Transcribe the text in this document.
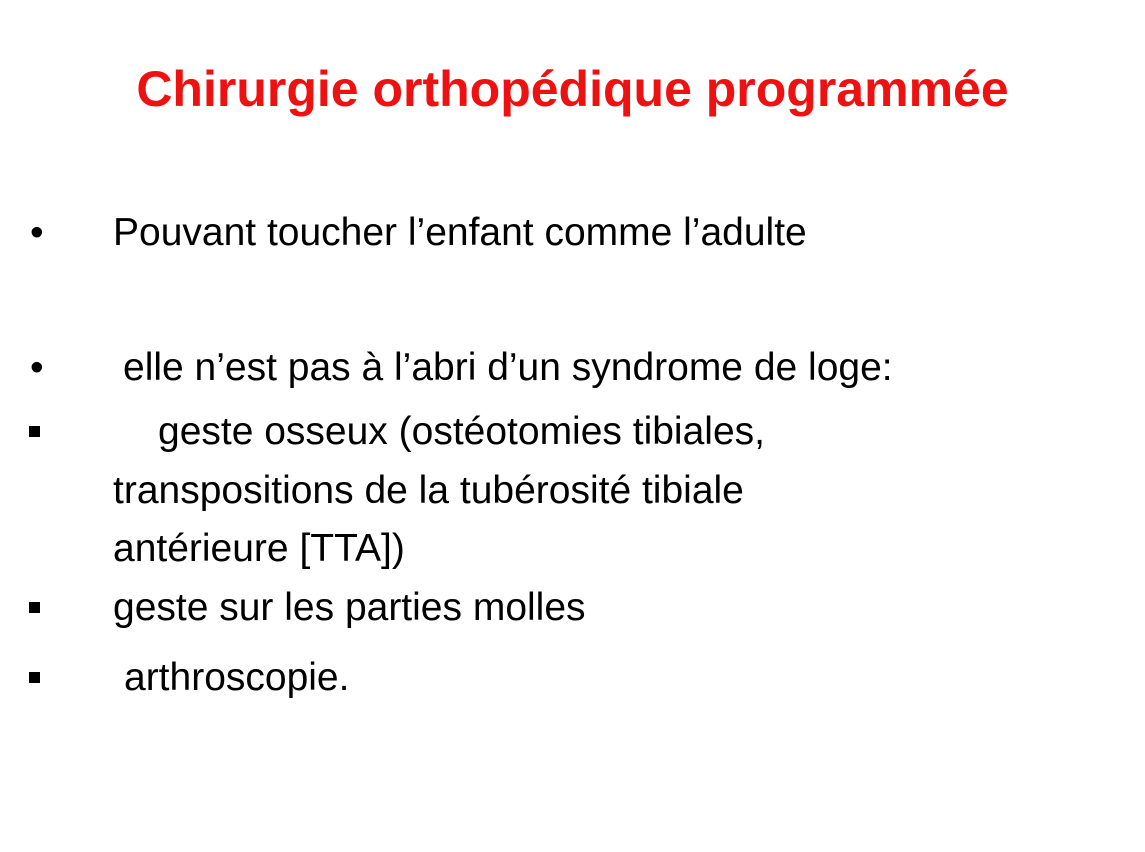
Chirurgie orthopédique programmée
• Pouvant toucher l’enfant comme l’adulte
• elle n’est pas à l’abri d’un syndrome de loge:
geste osseux (ostéotomies tibiales,
transpositions de la tubérosité tibiale
antérieure [TTA])
geste sur les parties molles
arthroscopie.
